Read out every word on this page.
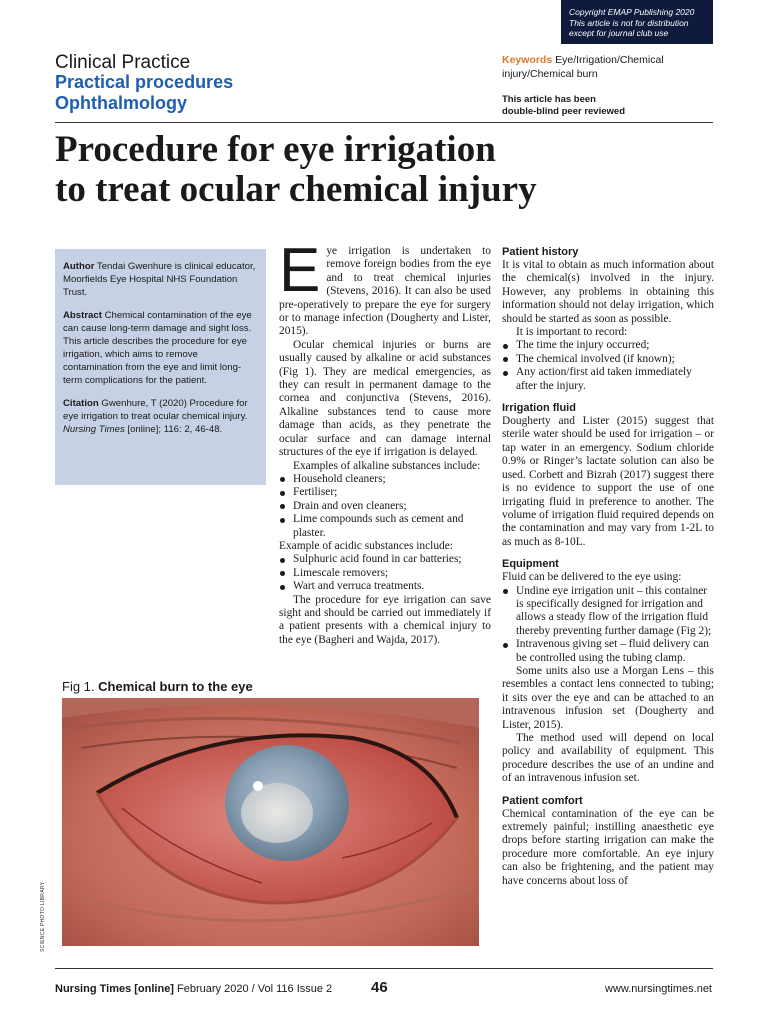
Copyright EMAP Publishing 2020
This article is not for distribution
except for journal club use
Clinical Practice
Practical procedures
Ophthalmology
Keywords Eye/Irrigation/Chemical injury/Chemical burn
This article has been
double-blind peer reviewed
Procedure for eye irrigation
to treat ocular chemical injury

Author Tendai Gwenhure is clinical educator, Moorfields Eye Hospital NHS Foundation Trust.

Abstract Chemical contamination of the eye can cause long-term damage and sight loss. This article describes the procedure for eye irrigation, which aims to remove contamination from the eye and limit long-term complications for the patient.

Citation Gwenhure, T (2020) Procedure for eye irrigation to treat ocular chemical injury. Nursing Times [online]; 116: 2, 46-48.

Eye irrigation is undertaken to remove foreign bodies from the eye and to treat chemical injuries (Stevens, 2016). It can also be used pre-operatively to prepare the eye for surgery or to manage infection (Dougherty and Lister, 2015).

Ocular chemical injuries or burns are usually caused by alkaline or acid substances (Fig 1). They are medical emergencies, as they can result in permanent damage to the cornea and conjunctiva (Stevens, 2016). Alkaline substances tend to cause more damage than acids, as they penetrate the ocular surface and can damage internal structures of the eye if irrigation is delayed.

Examples of alkaline substances include:

Household cleaners;
Fertiliser;
Drain and oven cleaners;
Lime compounds such as cement and plaster.

Example of acidic substances include:

Sulphuric acid found in car batteries;
Limescale removers;
Wart and verruca treatments.

The procedure for eye irrigation can save sight and should be carried out immediately if a patient presents with a chemical injury to the eye (Bagheri and Wajda, 2017).

Patient history

It is vital to obtain as much information about the chemical(s) involved in the injury. However, any problems in obtaining this information should not delay irrigation, which should be started as soon as possible.

It is important to record:

The time the injury occurred;
The chemical involved (if known);
Any action/first aid taken immediately after the injury.
Irrigation fluid

Dougherty and Lister (2015) suggest that sterile water should be used for irrigation – or tap water in an emergency. Sodium chloride 0.9% or Ringer’s lactate solution can also be used. Corbett and Bizrah (2017) suggest there is no evidence to support the use of one irrigating fluid in preference to another. The volume of irrigation fluid required depends on the contamination and may vary from 1-2L to as much as 8-10L.

Equipment

Fluid can be delivered to the eye using:

Undine eye irrigation unit – this container is specifically designed for irrigation and allows a steady flow of the irrigation fluid thereby preventing further damage (Fig 2);
Intravenous giving set – fluid delivery can be controlled using the tubing clamp.

Some units also use a Morgan Lens – this resembles a contact lens connected to tubing; it sits over the eye and can be attached to an intravenous infusion set (Dougherty and Lister, 2015).

The method used will depend on local policy and availability of equipment. This procedure describes the use of an undine and of an intravenous infusion set.

Patient comfort

Chemical contamination of the eye can be extremely painful; instilling anaesthetic eye drops before starting irrigation can make the procedure more comfortable. An eye injury can also be frightening, and the patient may have concerns about loss of

Fig 1. Chemical burn to the eye
SCIENCE PHOTO LIBRARY
Nursing Times [online] February 2020 / Vol 116 Issue 2	46	www.nursingtimes.net
